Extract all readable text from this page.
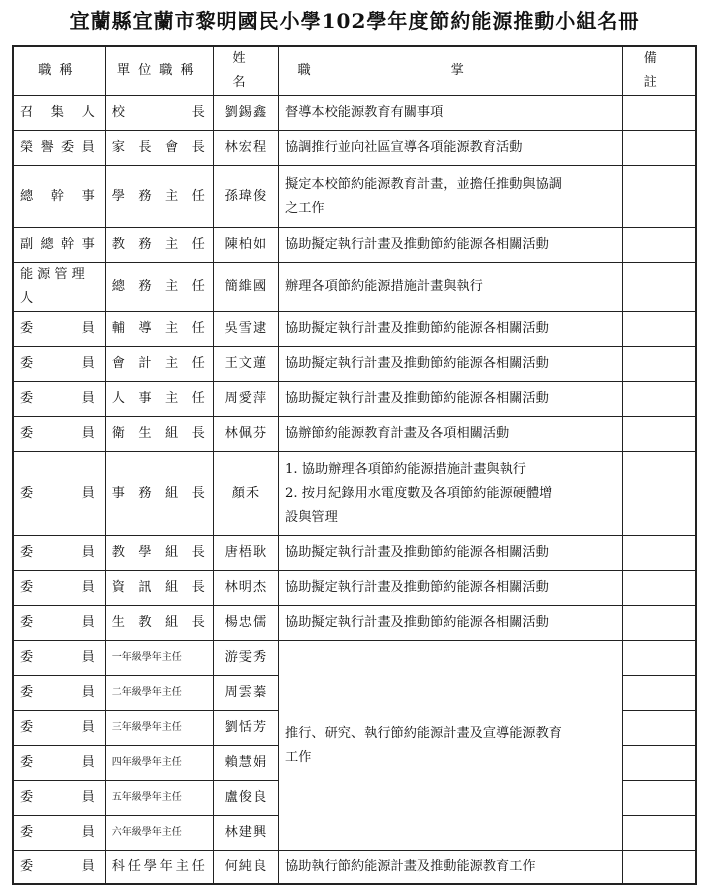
宜蘭縣宜蘭市黎明國民小學102學年度節約能源推動小組名冊
職稱	單位職稱	姓名	職掌	備註
召集人	校長	劉錫鑫	督導本校能源教育有關事項	

榮譽委員	家長會長	林宏程	協調推行並向社區宣導各項能源教育活動	

總幹事	學務主任	孫瑋俊	擬定本校節約能源教育計畫，並擔任推動與協調
之工作	

副總幹事	教務主任	陳柏如	協助擬定執行計畫及推動節約能源各相關活動	

能源管理人	總務主任	簡維國	辦理各項節約能源措施計畫與執行	

委員	輔導主任	吳雪逮	協助擬定執行計畫及推動節約能源各相關活動	

委員	會計主任	王文蓮	協助擬定執行計畫及推動節約能源各相關活動	

委員	人事主任	周愛萍	協助擬定執行計畫及推動節約能源各相關活動	

委員	衛生組長	林佩芬	協辦節約能源教育計畫及各項相關活動	

委員	事務組長	顏禾	1. 協助辦理各項節約能源措施計畫與執行
2. 按月紀錄用水電度數及各項節約能源硬體增
設與管理	

委員	教學組長	唐梧耿	協助擬定執行計畫及推動節約能源各相關活動	

委員	資訊組長	林明杰	協助擬定執行計畫及推動節約能源各相關活動	

委員	生教組長	楊忠儒	協助擬定執行計畫及推動節約能源各相關活動	

委員	一年級學年主任	游雯秀	推行、研究、執行節約能源計畫及宣導能源教育
工作	

委員	二年級學年主任	周雲蓁		
委員	三年級學年主任	劉恬芳		
委員	四年級學年主任	賴慧娟		
委員	五年級學年主任	盧俊良		
委員	六年級學年主任	林建興		
委員	科任學年主任	何純良	協助執行節約能源計畫及推動能源教育工作	
